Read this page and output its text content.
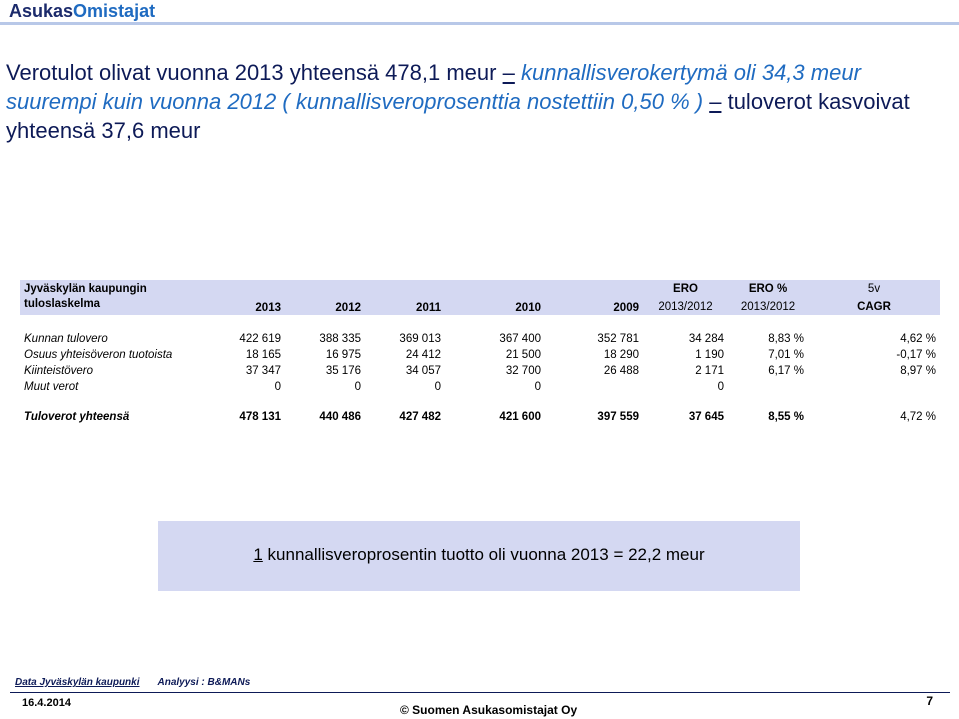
AsukasOmistajat
Verotulot olivat vuonna 2013 yhteensä 478,1 meur – kunnallisverokertymä oli 34,3 meur suurempi kuin vuonna 2012 ( kunnallisveroprosenttia nostettiin 0,50 % ) – tuloverot kasvoivat yhteensä 37,6 meur
Jyväskylän kaupungin						ERO	ERO %	5v
tuloslaskelma	2013	2012	2011	2010	2009	2013/2012	2013/2012	CAGR

Kunnan tulovero	422 619	388 335	369 013	367 400	352 781	34 284	8,83 %	4,62 %
Osuus yhteisöveron tuotoista	18 165	16 975	24 412	21 500	18 290	1 190	7,01 %	-0,17 %
Kiinteistövero	37 347	35 176	34 057	32 700	26 488	2 171	6,17 %	8,97 %
Muut verot	0	0	0	0		0		

Tuloverot yhteensä	478 131	440 486	427 482	421 600	397 559	37 645	8,55 %	4,72 %
1 kunnallisveroprosentin tuotto oli vuonna 2013 = 22,2 meur
Data Jyväskylän kaupunki Analyysi : B&MANs
16.4.2014	7
© Suomen Asukasomistajat Oy
